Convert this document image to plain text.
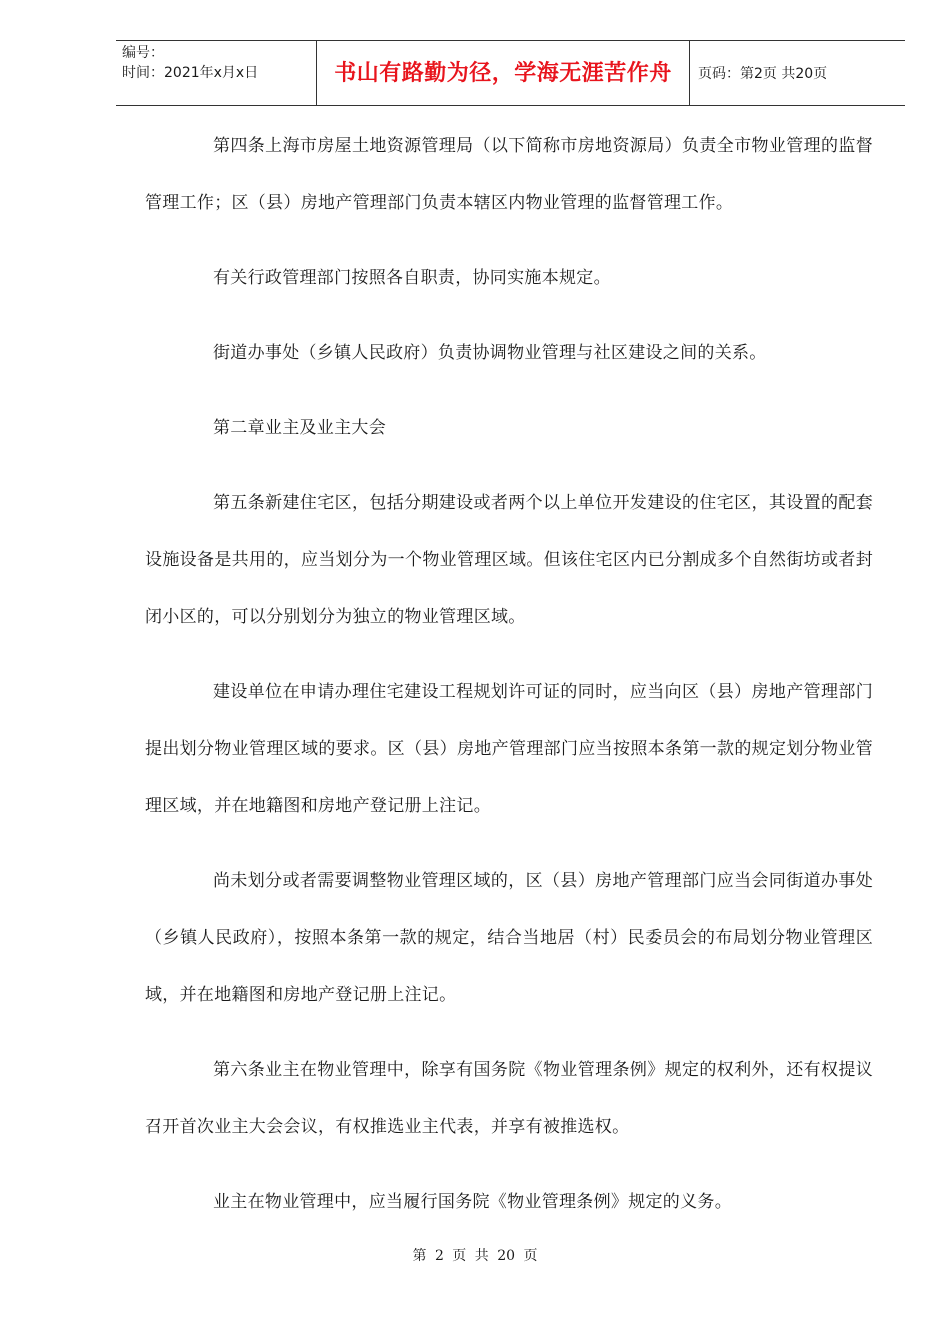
编号：
时间：2021年x月x日	书山有路勤为径，学海无涯苦作舟	页码：第2页 共20页

第四条上海市房屋土地资源管理局（以下简称市房地资源局）负责全市物业管理的监督管理工作；区（县）房地产管理部门负责本辖区内物业管理的监督管理工作。

有关行政管理部门按照各自职责，协同实施本规定。

街道办事处（乡镇人民政府）负责协调物业管理与社区建设之间的关系。

第二章业主及业主大会

第五条新建住宅区，包括分期建设或者两个以上单位开发建设的住宅区，其设置的配套设施设备是共用的，应当划分为一个物业管理区域。但该住宅区内已分割成多个自然街坊或者封闭小区的，可以分别划分为独立的物业管理区域。

建设单位在申请办理住宅建设工程规划许可证的同时，应当向区（县）房地产管理部门提出划分物业管理区域的要求。区（县）房地产管理部门应当按照本条第一款的规定划分物业管理区域，并在地籍图和房地产登记册上注记。

尚未划分或者需要调整物业管理区域的，区（县）房地产管理部门应当会同街道办事处（乡镇人民政府），按照本条第一款的规定，结合当地居（村）民委员会的布局划分物业管理区域，并在地籍图和房地产登记册上注记。

第六条业主在物业管理中，除享有国务院《物业管理条例》规定的权利外，还有权提议召开首次业主大会会议，有权推选业主代表，并享有被推选权。

业主在物业管理中，应当履行国务院《物业管理条例》规定的义务。

第 2 页 共 20 页
